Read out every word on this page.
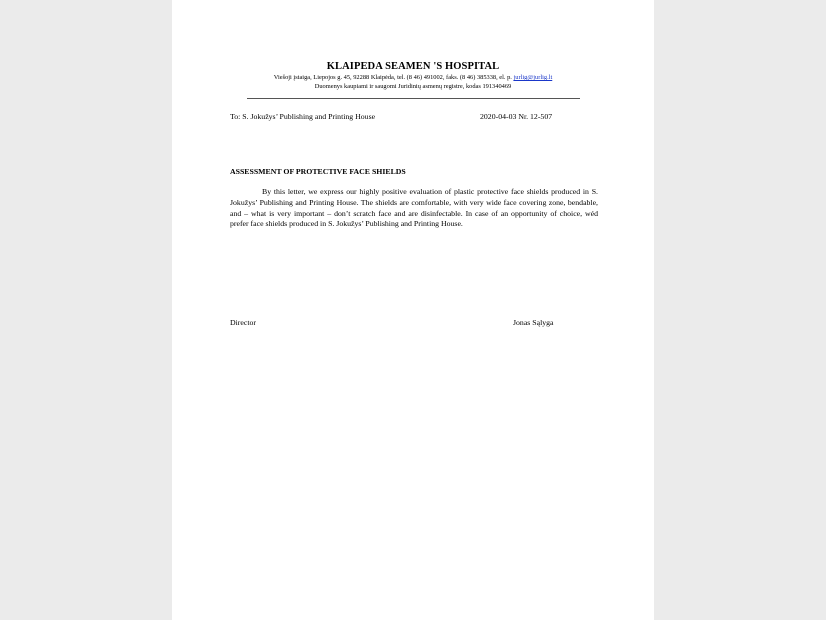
KLAIPEDA SEAMEN 'S HOSPITAL
Viešoji įstaiga, Liepojos g. 45, 92288 Klaipėda, tel. (8 46) 491002, faks. (8 46) 385338, el. p. jurlig@jurlig.lt
Duomenys kaupiami ir saugomi Juridinių asmenų registre, kodas 191340469
To: S. Jokužys’ Publishing and Printing House	2020-04-03 Nr. 12-507
ASSESSMENT OF PROTECTIVE FACE SHIELDS
By this letter, we express our highly positive evaluation of plastic protective face shields produced in S. Jokužys’ Publishing and Printing House. The shields are comfortable, with very wide face covering zone, bendable, and – what is very important – don’t scratch face and are disinfectable. In case of an opportunity of choice, wéd prefer face shields produced in S. Jokužys’ Publishing and Printing House.
Director	Jonas Sąlyga
